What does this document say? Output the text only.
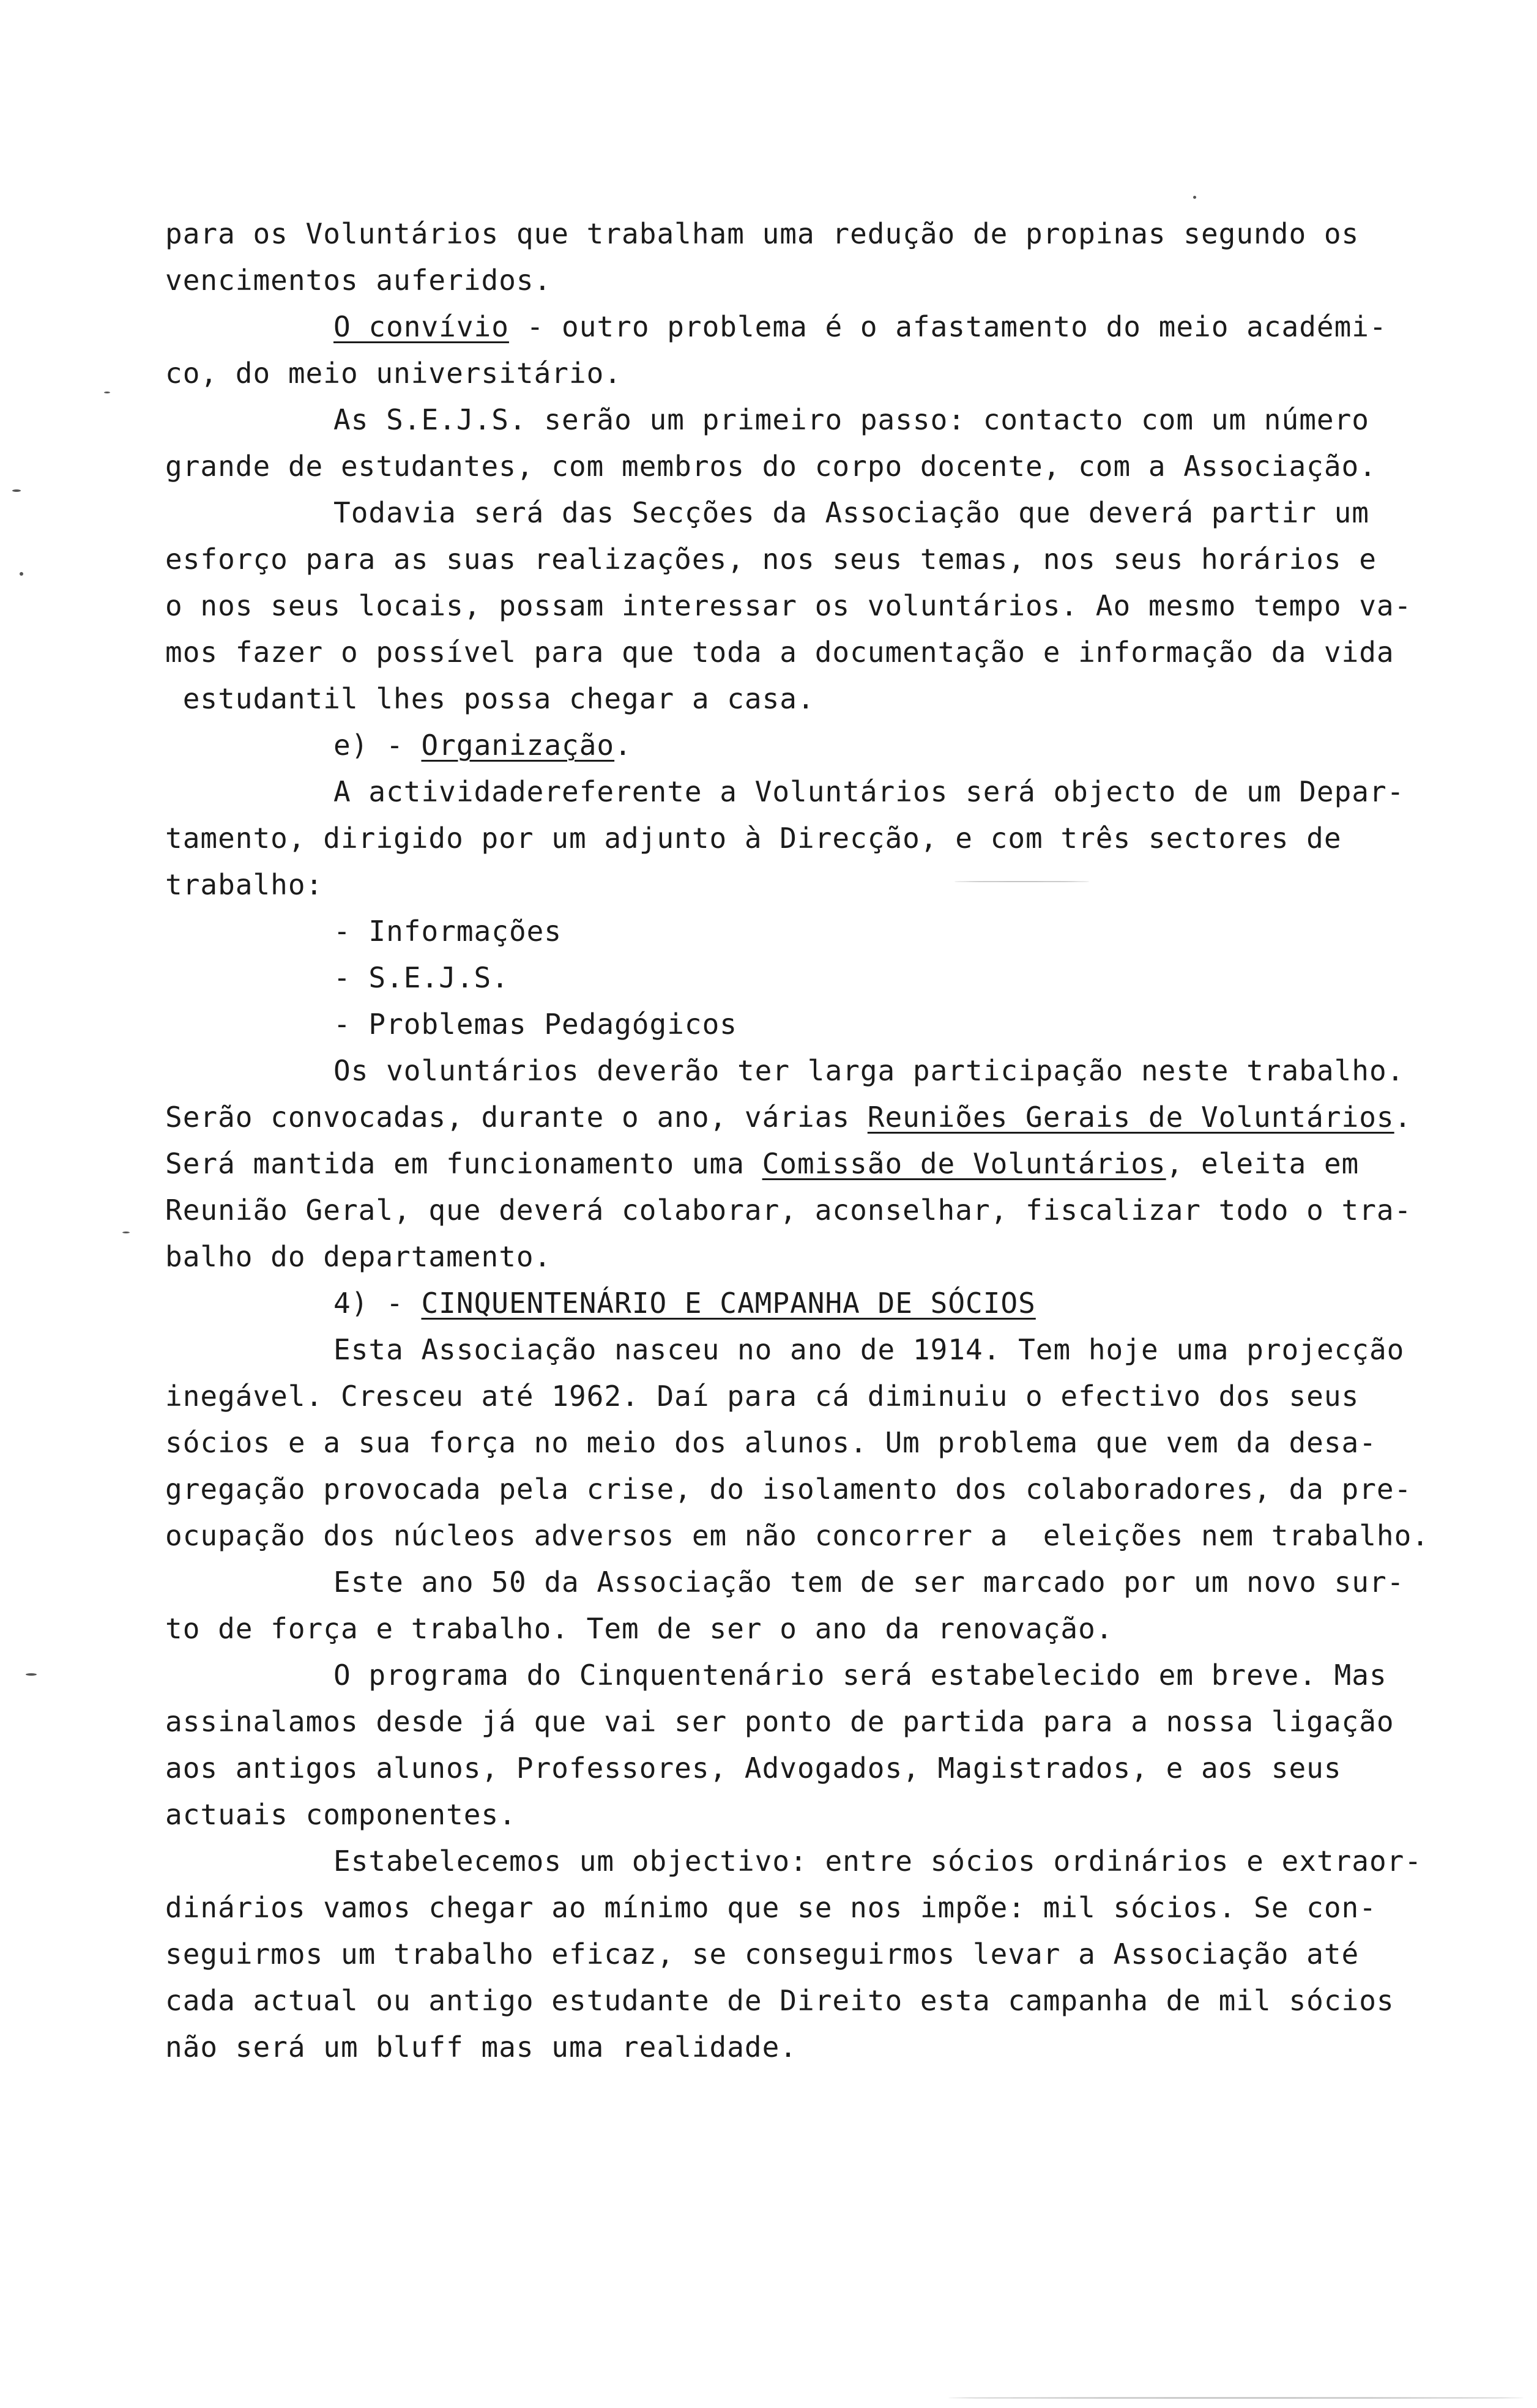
para os Voluntários que trabalham uma redução de propinas segundo os
vencimentos auferidos.
O convívio - outro problema é o afastamento do meio académi-
co, do meio universitário.
As S.E.J.S. serão um primeiro passo: contacto com um número
grande de estudantes, com membros do corpo docente, com a Associação.
Todavia será das Secções da Associação que deverá partir um
esforço para as suas realizações, nos seus temas, nos seus horários e
o nos seus locais, possam interessar os voluntários. Ao mesmo tempo va-
mos fazer o possível para que toda a documentação e informação da vida
estudantil lhes possa chegar a casa.
e) - Organização.
A actividadereferente a Voluntários será objecto de um Depar-
tamento, dirigido por um adjunto à Direcção, e com três sectores de
trabalho:
- Informações
- S.E.J.S.
- Problemas Pedagógicos
Os voluntários deverão ter larga participação neste trabalho.
Serão convocadas, durante o ano, várias Reuniões Gerais de Voluntários.
Será mantida em funcionamento uma Comissão de Voluntários, eleita em
Reunião Geral, que deverá colaborar, aconselhar, fiscalizar todo o tra-
balho do departamento.
4) - CINQUENTENÁRIO E CAMPANHA DE SÓCIOS
Esta Associação nasceu no ano de 1914. Tem hoje uma projecção
inegável. Cresceu até 1962. Daí para cá diminuiu o efectivo dos seus
sócios e a sua força no meio dos alunos. Um problema que vem da desa-
gregação provocada pela crise, do isolamento dos colaboradores, da pre-
ocupação dos núcleos adversos em não concorrer a  eleições nem trabalho.
Este ano 50 da Associação tem de ser marcado por um novo sur-
to de força e trabalho. Tem de ser o ano da renovação.
O programa do Cinquentenário será estabelecido em breve. Mas
assinalamos desde já que vai ser ponto de partida para a nossa ligação
aos antigos alunos, Professores, Advogados, Magistrados, e aos seus
actuais componentes.
Estabelecemos um objectivo: entre sócios ordinários e extraor-
dinários vamos chegar ao mínimo que se nos impõe: mil sócios. Se con-
seguirmos um trabalho eficaz, se conseguirmos levar a Associação até
cada actual ou antigo estudante de Direito esta campanha de mil sócios
não será um bluff mas uma realidade.
